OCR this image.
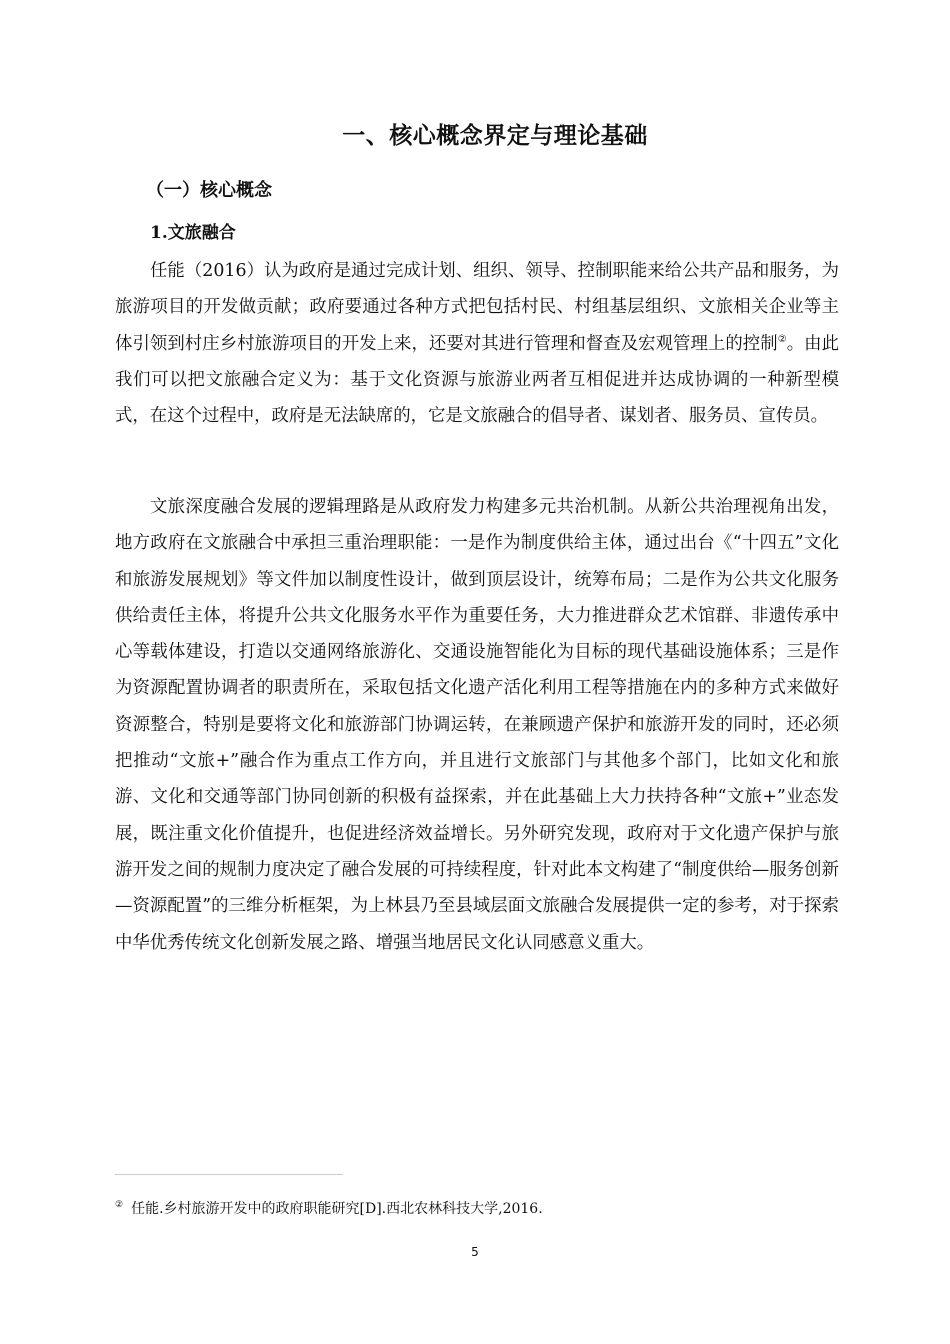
一、核心概念界定与理论基础
（一）核心概念
1.文旅融合

任能（2016）认为政府是通过完成计划、组织、领导、控制职能来给公共产品和服务，为旅游项目的开发做贡献；政府要通过各种方式把包括村民、村组基层组织、文旅相关企业等主体引领到村庄乡村旅游项目的开发上来，还要对其进行管理和督查及宏观管理上的控制②。由此我们可以把文旅融合定义为：基于文化资源与旅游业两者互相促进并达成协调的一种新型模式，在这个过程中，政府是无法缺席的，它是文旅融合的倡导者、谋划者、服务员、宣传员。

文旅深度融合发展的逻辑理路是从政府发力构建多元共治机制。从新公共治理视角出发，地方政府在文旅融合中承担三重治理职能：一是作为制度供给主体，通过出台《“十四五”文化和旅游发展规划》等文件加以制度性设计，做到顶层设计，统筹布局；二是作为公共文化服务供给责任主体，将提升公共文化服务水平作为重要任务，大力推进群众艺术馆群、非遗传承中心等载体建设，打造以交通网络旅游化、交通设施智能化为目标的现代基础设施体系；三是作为资源配置协调者的职责所在，采取包括文化遗产活化利用工程等措施在内的多种方式来做好资源整合，特别是要将文化和旅游部门协调运转，在兼顾遗产保护和旅游开发的同时，还必须把推动“文旅+”融合作为重点工作方向，并且进行文旅部门与其他多个部门，比如文化和旅游、文化和交通等部门协同创新的积极有益探索，并在此基础上大力扶持各种“文旅+”业态发展，既注重文化价值提升，也促进经济效益增长。另外研究发现，政府对于文化遗产保护与旅游开发之间的规制力度决定了融合发展的可持续程度，针对此本文构建了“制度供给—服务创新—资源配置”的三维分析框架，为上林县乃至县域层面文旅融合发展提供一定的参考，对于探索中华优秀传统文化创新发展之路、增强当地居民文化认同感意义重大。

② 任能.乡村旅游开发中的政府职能研究[D].西北农林科技大学,2016.

5
